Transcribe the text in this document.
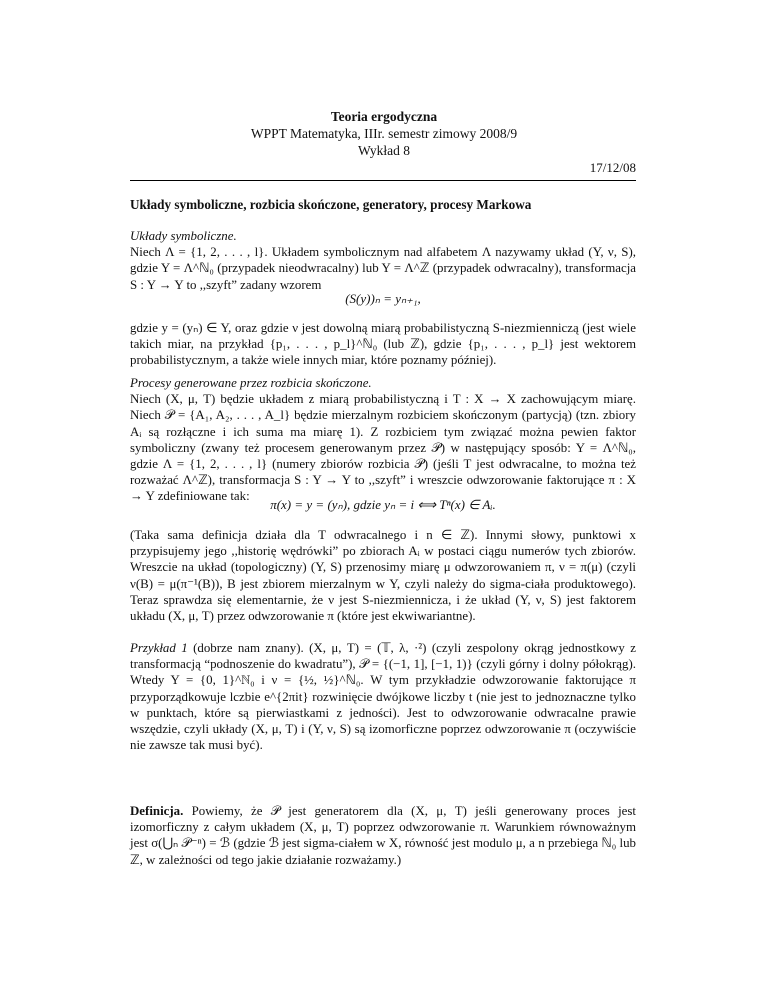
Teoria ergodyczna
WPPT Matematyka, IIIr. semestr zimowy 2008/9
Wykład 8
17/12/08
Układy symboliczne, rozbicia skończone, generatory, procesy Markowa

Układy symboliczne.

Niech Λ = {1, 2, . . . , l}. Układem symbolicznym nad alfabetem Λ nazywamy układ (Y, ν, S), gdzie Y = Λ^ℕ₀ (przypadek nieodwracalny) lub Y = Λ^ℤ (przypadek odwracalny), transformacja S : Y → Y to ,,szyft” zadany wzorem

(S(y))ₙ = yₙ₊₁,
gdzie y = (yₙ) ∈ Y, oraz gdzie ν jest dowolną miarą probabilistyczną S-niezmienniczą (jest wiele takich miar, na przykład {p₁, . . . , p_l}^ℕ₀ (lub ℤ), gdzie {p₁, . . . , p_l} jest wektorem probabilistycznym, a także wiele innych miar, które poznamy później).

Procesy generowane przez rozbicia skończone.

Niech (X, μ, T) będzie układem z miarą probabilistyczną i T : X → X zachowującym miarę. Niech 𝒫 = {A₁, A₂, . . . , A_l} będzie mierzalnym rozbiciem skończonym (partycją) (tzn. zbiory Aᵢ są rozłączne i ich suma ma miarę 1). Z rozbiciem tym związać można pewien faktor symboliczny (zwany też procesem generowanym przez 𝒫) w następujący sposób: Y = Λ^ℕ₀, gdzie Λ = {1, 2, . . . , l} (numery zbiorów rozbicia 𝒫) (jeśli T jest odwracalne, to można też rozważać Λ^ℤ), transformacja S : Y → Y to ,,szyft” i wreszcie odwzorowanie faktorujące π : X → Y zdefiniowane tak:

π(x) = y = (yₙ), gdzie yₙ = i ⟺ Tⁿ(x) ∈ Aᵢ.
(Taka sama definicja działa dla T odwracalnego i n ∈ ℤ). Innymi słowy, punktowi x przypisujemy jego ,,historię wędrówki” po zbiorach Aᵢ w postaci ciągu numerów tych zbiorów. Wreszcie na układ (topologiczny) (Y, S) przenosimy miarę μ odwzorowaniem π, ν = π(μ) (czyli ν(B) = μ(π⁻¹(B)), B jest zbiorem mierzalnym w Y, czyli należy do sigma-ciała produktowego). Teraz sprawdza się elementarnie, że ν jest S-niezmiennicza, i że układ (Y, ν, S) jest faktorem układu (X, μ, T) przez odwzorowanie π (które jest ekwiwariantne).
Przykład 1 (dobrze nam znany). (X, μ, T) = (𝕋, λ, ·²) (czyli zespolony okrąg jednostkowy z transformacją “podnoszenie do kwadratu”), 𝒫 = {(−1, 1], [−1, 1)} (czyli górny i dolny półokrąg). Wtedy Y = {0, 1}^ℕ₀ i ν = {½, ½}^ℕ₀. W tym przykładzie odwzorowanie faktorujące π przyporządkowuje lczbie e^{2πit} rozwinięcie dwójkowe liczby t (nie jest to jednoznaczne tylko w punktach, które są pierwiastkami z jedności). Jest to odwzorowanie odwracalne prawie wszędzie, czyli układy (X, μ, T) i (Y, ν, S) są izomorficzne poprzez odwzorowanie π (oczywiście nie zawsze tak musi być).
Definicja. Powiemy, że 𝒫 jest generatorem dla (X, μ, T) jeśli generowany proces jest izomorficzny z całym układem (X, μ, T) poprzez odwzorowanie π. Warunkiem równoważnym jest σ(⋃ₙ 𝒫⁻ⁿ) = ℬ (gdzie ℬ jest sigma-ciałem w X, równość jest modulo μ, a n przebiega ℕ₀ lub ℤ, w zależności od tego jakie działanie rozważamy.)
